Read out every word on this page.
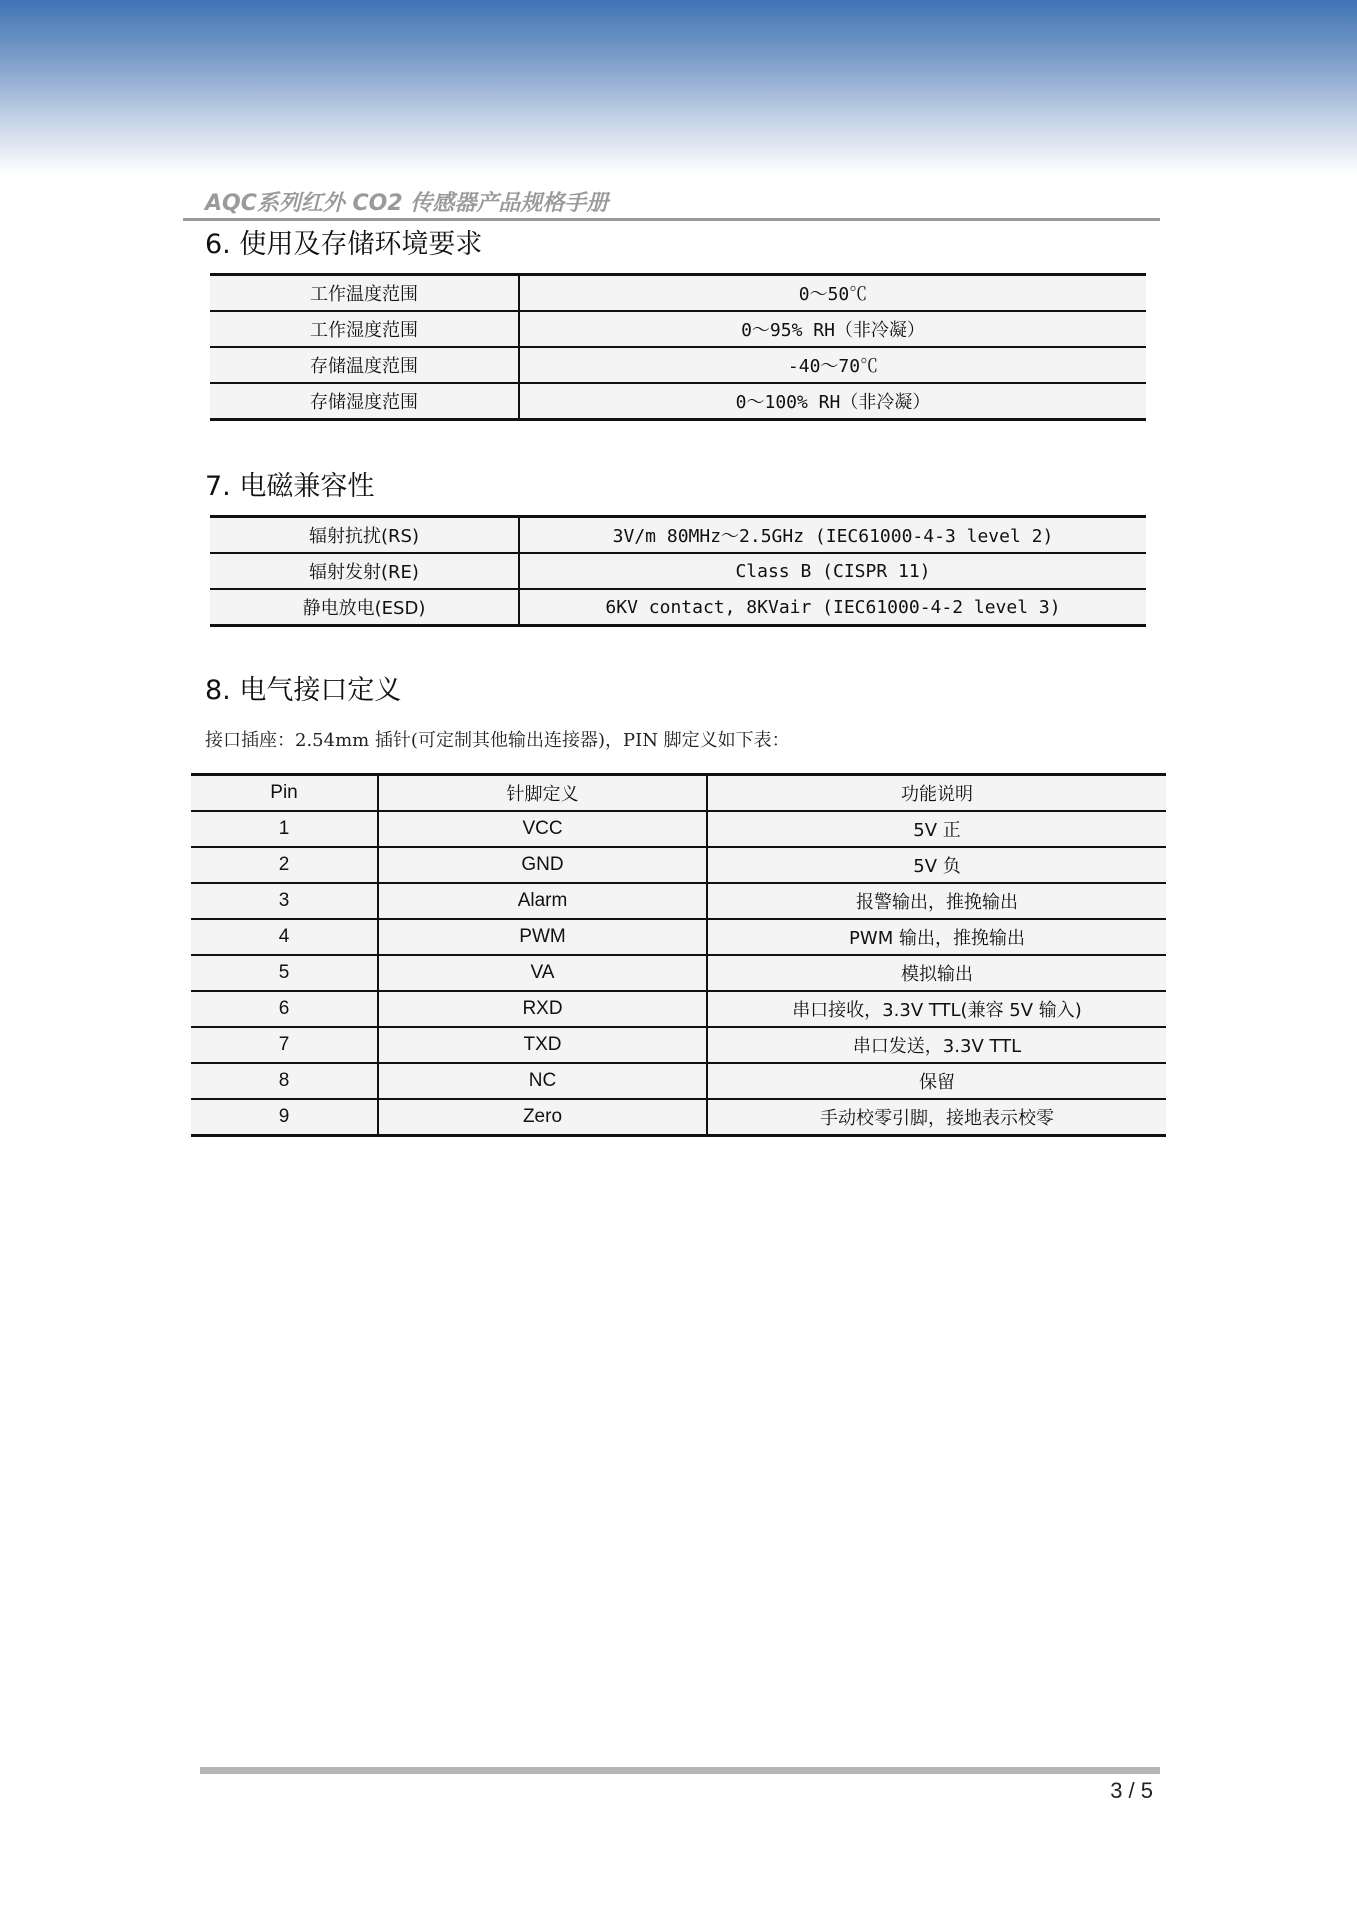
AQC系列红外 CO2 传感器产品规格手册
6. 使用及存储环境要求
工作温度范围	0～50℃
工作湿度范围	0～95% RH（非冷凝）
存储温度范围	-40～70℃
存储湿度范围	0～100% RH（非冷凝）
7. 电磁兼容性
辐射抗扰(RS)	3V/m 80MHz～2.5GHz (IEC61000-4-3 level 2)
辐射发射(RE)	Class B (CISPR 11)
静电放电(ESD)	6KV contact, 8KVair (IEC61000-4-2 level 3)
8. 电气接口定义
接口插座：2.54mm 插针(可定制其他输出连接器)，PIN 脚定义如下表：
Pin	针脚定义	功能说明
1	VCC	5V 正
2	GND	5V 负
3	Alarm	报警输出，推挽输出
4	PWM	PWM 输出，推挽输出
5	VA	模拟输出
6	RXD	串口接收，3.3V TTL(兼容 5V 输入)
7	TXD	串口发送，3.3V TTL
8	NC	保留
9	Zero	手动校零引脚，接地表示校零
3 / 5
